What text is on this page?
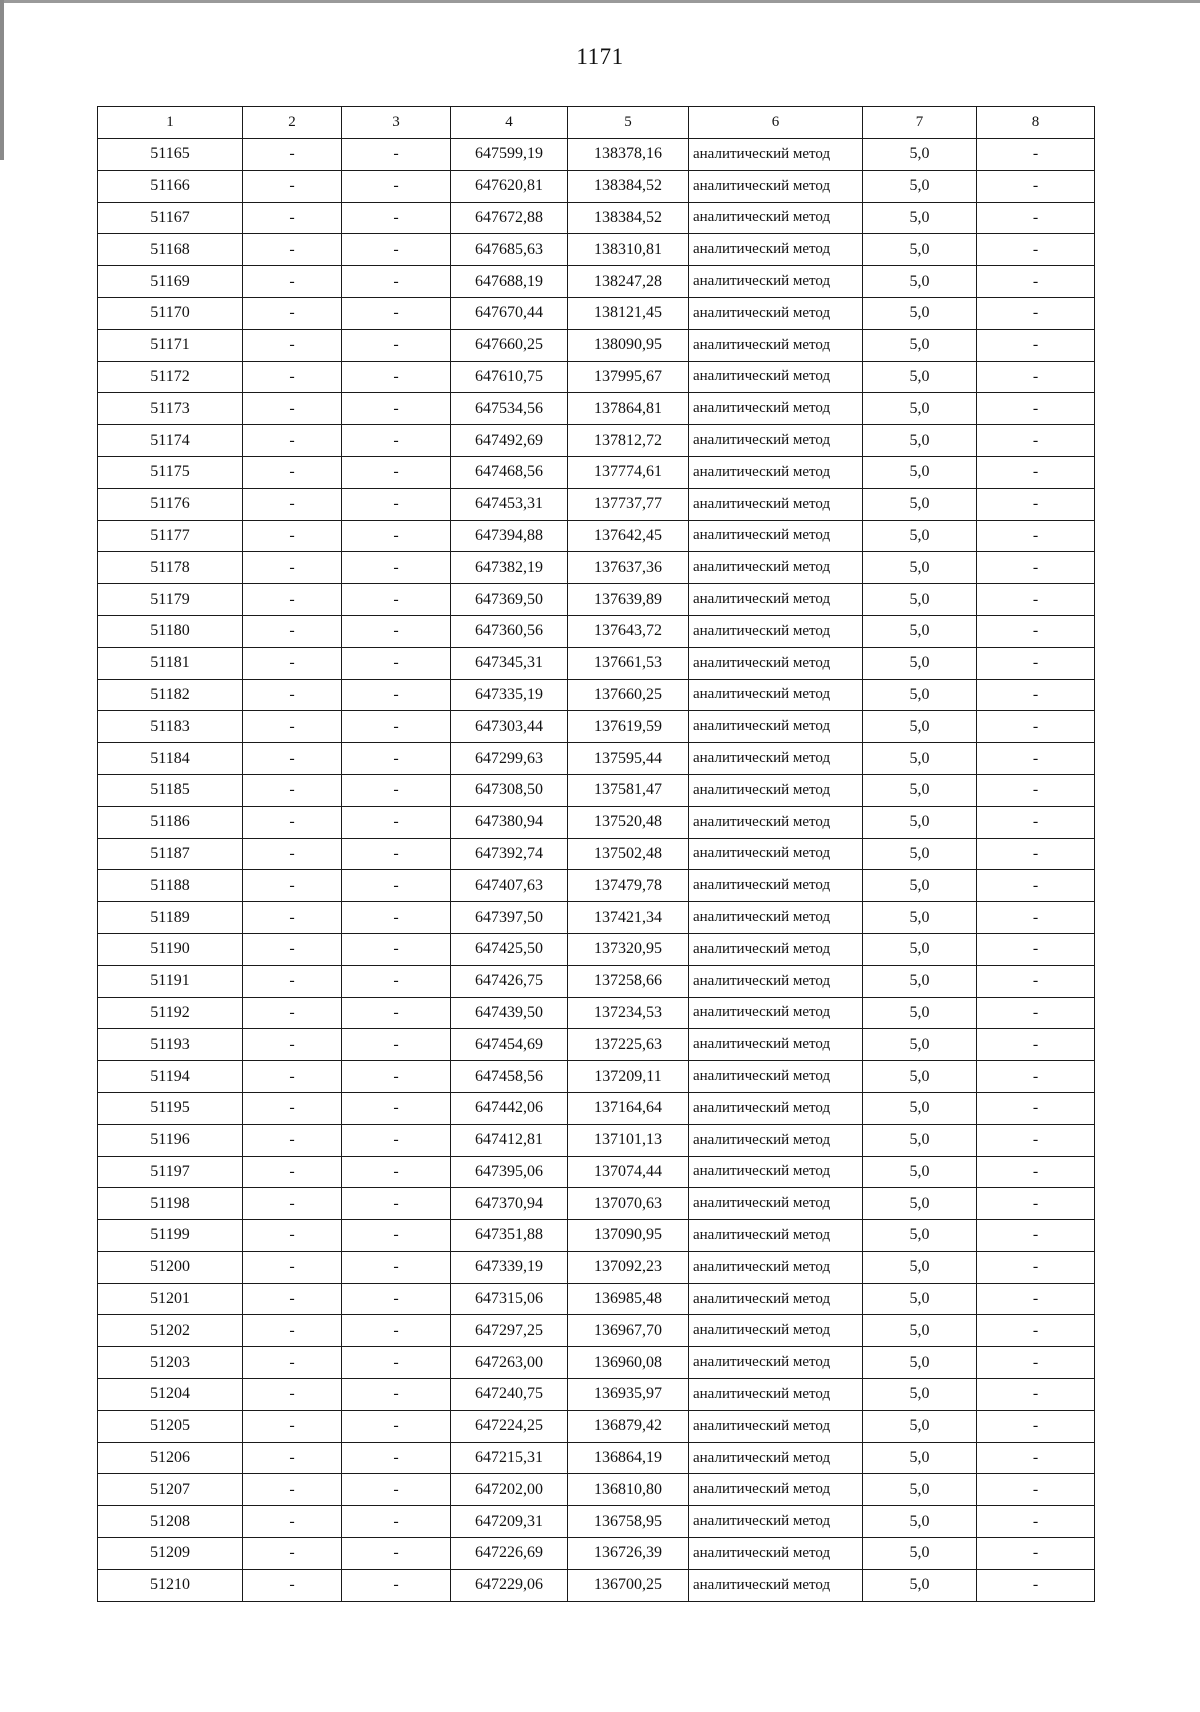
1171
1	2	3	4	5	6	7	8
51165	-	-	647599,19	138378,16	аналитический метод	5,0	-
51166	-	-	647620,81	138384,52	аналитический метод	5,0	-
51167	-	-	647672,88	138384,52	аналитический метод	5,0	-
51168	-	-	647685,63	138310,81	аналитический метод	5,0	-
51169	-	-	647688,19	138247,28	аналитический метод	5,0	-
51170	-	-	647670,44	138121,45	аналитический метод	5,0	-
51171	-	-	647660,25	138090,95	аналитический метод	5,0	-
51172	-	-	647610,75	137995,67	аналитический метод	5,0	-
51173	-	-	647534,56	137864,81	аналитический метод	5,0	-
51174	-	-	647492,69	137812,72	аналитический метод	5,0	-
51175	-	-	647468,56	137774,61	аналитический метод	5,0	-
51176	-	-	647453,31	137737,77	аналитический метод	5,0	-
51177	-	-	647394,88	137642,45	аналитический метод	5,0	-
51178	-	-	647382,19	137637,36	аналитический метод	5,0	-
51179	-	-	647369,50	137639,89	аналитический метод	5,0	-
51180	-	-	647360,56	137643,72	аналитический метод	5,0	-
51181	-	-	647345,31	137661,53	аналитический метод	5,0	-
51182	-	-	647335,19	137660,25	аналитический метод	5,0	-
51183	-	-	647303,44	137619,59	аналитический метод	5,0	-
51184	-	-	647299,63	137595,44	аналитический метод	5,0	-
51185	-	-	647308,50	137581,47	аналитический метод	5,0	-
51186	-	-	647380,94	137520,48	аналитический метод	5,0	-
51187	-	-	647392,74	137502,48	аналитический метод	5,0	-
51188	-	-	647407,63	137479,78	аналитический метод	5,0	-
51189	-	-	647397,50	137421,34	аналитический метод	5,0	-
51190	-	-	647425,50	137320,95	аналитический метод	5,0	-
51191	-	-	647426,75	137258,66	аналитический метод	5,0	-
51192	-	-	647439,50	137234,53	аналитический метод	5,0	-
51193	-	-	647454,69	137225,63	аналитический метод	5,0	-
51194	-	-	647458,56	137209,11	аналитический метод	5,0	-
51195	-	-	647442,06	137164,64	аналитический метод	5,0	-
51196	-	-	647412,81	137101,13	аналитический метод	5,0	-
51197	-	-	647395,06	137074,44	аналитический метод	5,0	-
51198	-	-	647370,94	137070,63	аналитический метод	5,0	-
51199	-	-	647351,88	137090,95	аналитический метод	5,0	-
51200	-	-	647339,19	137092,23	аналитический метод	5,0	-
51201	-	-	647315,06	136985,48	аналитический метод	5,0	-
51202	-	-	647297,25	136967,70	аналитический метод	5,0	-
51203	-	-	647263,00	136960,08	аналитический метод	5,0	-
51204	-	-	647240,75	136935,97	аналитический метод	5,0	-
51205	-	-	647224,25	136879,42	аналитический метод	5,0	-
51206	-	-	647215,31	136864,19	аналитический метод	5,0	-
51207	-	-	647202,00	136810,80	аналитический метод	5,0	-
51208	-	-	647209,31	136758,95	аналитический метод	5,0	-
51209	-	-	647226,69	136726,39	аналитический метод	5,0	-
51210	-	-	647229,06	136700,25	аналитический метод	5,0	-
